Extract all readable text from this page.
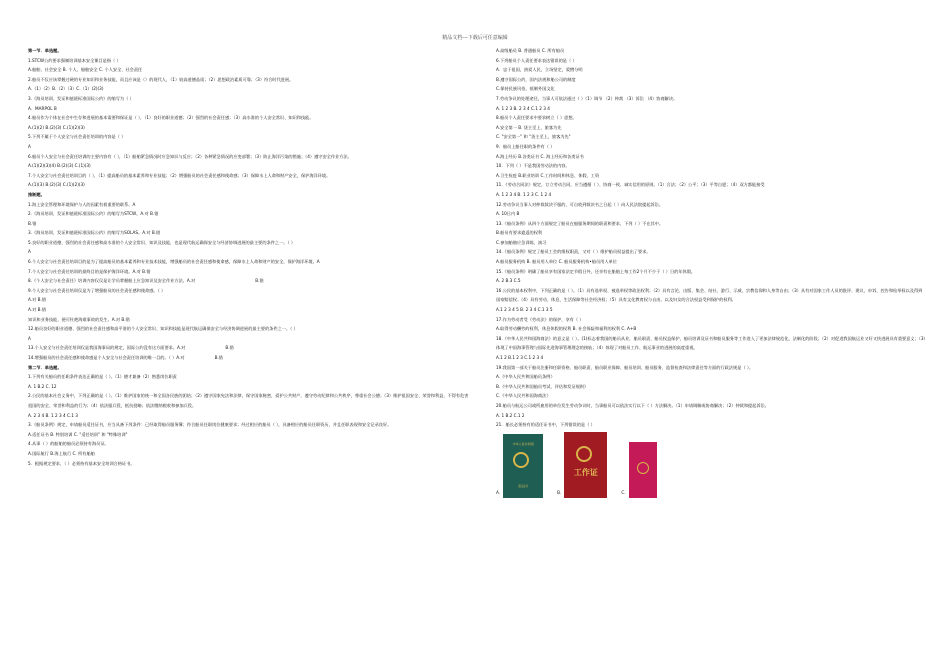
精品文档---下载后可任意编辑
第一节．单选题。
1.STCW公约要求强制培训基本安全课目是指（ ）
A.船舶、社会安全 B. 个人、船舶安全 C. 个人安全、社会责任
2.船员不仅应该掌握过硬的专业知识和业务技能，而且应该是（）的现代人，（1）较高道德品质；（2）思想政治素质可靠；（3）符合时代进展。
A.（1）（2）B.（2）（3）C.（1）(2)(3)
3.《海员培训、发证和值班标准国际公约》的缩写为（ ）
A．MARPOL B
4.船员作为个体在社会中生存和进展的基本需要和保证是（ ），（1）良好的职业道德；（2）强烈的社会责任感；（3）高水准的个人安全常识、知识和技能。
A.(1)(2) B.(2)(3) C.(1)(2)(3)
5.下列不属于个人安全与社会责任培训的内容是（ ）
A
6.船员个人安全与社会责任培训的主要内容有（ ），（1）船舶紧急情况时应急知识与反应；（2）各种紧急情况的应变部署；（3）防止海洋污染的措施；（4）遵守安全作业方法。
A.(1)(2)(3)(4) B.(2)(3) C.(1)(3)
7.个人安全与社会责任培训目的（ ），（1）提高船员的基本素养和专业技能；（2）增强船员的社会责任感和使命感；（3）保障水上人命和财产安全，保护海洋环境。
A.(1)(3) B.(2)(3) C.(1)(2)(3)
推断题。
1.海上安全管理和环境保护与人的因素有着重要的联系。A
2.《海员培训、发证和值班标准国际公约》的缩写为STCW。A.对 B.错
B.错
3.《海员培训、发证和值班标准国际公约》的缩写为SOLAS。A.对 B.错
5.良好的职业道德、强烈的社会责任感和高水准的个人安全常识、知识及技能，也是现代航运确保安全与经济协调进展的最主要的条件之一。（ ）
A
6.个人安全与社会责任培训目的是为了提高船员的基本素养和专业技术技能，增强船员的社会责任感和使命感，保障水上人命和财产的安全，保护海洋环境。A
7.个人安全与社会责任培训的最终目的是保护海洋环境。A.对 B.错
8.《个人安全与社会责任》培训内容仅仅是让学员掌握船上应急知识及安全作业方法。A.对	B.错
9.个人安全与社会责任培训仅是为了增强船员的社会责任感和使命感。（ ）
A.对 B.错
A.对 B.错
知识和业务技能，便可杜绝海难事故的发生。A.对 B.错
12.船员良好的职业道德、强烈的社会责任感和高平准的个人安全常识、知识和技能是现代航运确保安全与经济协调进展的最主要的条件之一。（ ）
A
13.个人安全与社会责任培训仅是我国海事局的规定，国际公约没有这方面要求。A.对	B.错
14.增强船员的社会责任感和使命感是个人安全与社会责任培训的唯一目的。（ ）A.对	B.错
第二节．单选题。
1.下列有关船员的任职条件表达正确的是（ ）。（1）德才兼备（2）熟悉岗位职责
A. 1 B.2 C. 12
2.公民的基本社会义务中，下列正确的是（ ）。（1）维护国家的统一和全国各民族的团结；（2）遵守国家宪法和法律，保守国家秘密，爱护公共财产，遵守劳动纪律和公共秩序，尊重社会公德；（3）维护祖国安全、荣誉和利益，不得有危害祖国的安全、荣誉和利益的行为；（4）依法服兵役，抵抗侵略；依法缴纳税收和参加兵役。
A. 2 3 4 B. 1 2 3 4 C.1 3
3.《船员条例》规定，申请船员适任证书，应当具备下列条件：已经取得船员服务簿；符合船员任职岗位健康要求；经过相应的船员（ ），具备相应的船员任职资历，并且任职表现和安全记录良好。
A.适任证书 B. 特别培训 C. "适任培训" 和 "特殊培训"
4.从事（ ）的船舶的船员必须持有海员证。
A.国际航行 B.海上航行 C. 所有船舶
5．根据规定要求，（ ）必须持有基本安全培训合格证书。
A.高级船员 B. 普通船员 C. 所有船员
6.下列船员个人责任要求表达错误的是（ ）
A．忠于祖国，热爱人民，立场坚定，爱憎分明
B.遵守国际公约，国内法规和船公司的制度
C.保持民族风俗，抵制外国文化
7.劳动争议的处理途径，当事人可依法通过（ ）（1）调节 （2）仲裁 （3）诉讼 （4）协商解决。
A. 1 2 3 B. 2 3 4 C.1 2 3 4
8.船员个人责任要求中要求树立（ ）思想。
A.安全第一 B. 货主至上，旅客为先
C. "安全第一" 和 "货主至上，旅客为先"
9．船员上船任职的条件有（ ）
A.海上经历 B.各类证书 C. 海上经历和各类证书
10．下列（ ）不是我国劳动法的内容。
A.卫生检疫 B.职业培训 C.工作时间和休息、休假、工资
11．《劳动合同法》规定，订立劳动合同，应当遵循（ ）、协商一致、诚实信用的原则。（1）合法；（2）公平；（3）平等自愿；（4）双方都能接受
A. 1 2 3 4 B. 1 2 3 C. 1 2 4
12.劳动争议当事人对仲裁裁决不服的，可自收到裁决书之日起（ ）向人民法院提起诉讼。
A. 10日内 B
13.《船员条例》从四个方面规定了船员在船服务期间的职责和要求，下列（ ）不在其中。
B.船员有要求遣返的权利
C.参加船舶应急训练、演习
14.《船员条例》规定了船员工会的维权职责，又对（ ）维护船员权益提出了要求。
A.船员服务机构 B. 船员用人单位 C. 船员服务机构•船员用人单位
15.《船员条例》明确了船员享有国家法定节假日外，还享有在船舶上每工作2个月不少于（ ）日的年休假。
A. 2 B.3 C.5
16.公民的基本权利中，下列正确的是（ ）。（1）具有选举权、被选举权等政治权利；（2）具有言论、出版、集会、结社、游行、示威、宗教信仰和人身等自由；（3）具有对国家工作人员的批评、建议、申诉、控告和检举权以及得到国家赔偿权；（4）具有劳动、休息、生活保障等社会经济权；（5）具有文化教育权与自由。以及妇女的合法权益受到保护的权利。
A.1 2 3 4 5 B. 2 3 4 C.1 3 5
17.作为劳动者受《劳动法》的保护，享有（ ）
A.取得劳动酬劳的权利，休息休假的权利 B. 社会保险和福利的权利 C. A+B
18.《中华人民共和国海商法》的意义是（ ）。(1)标志着我国的船员从业，船员职责、船员权益保护，船员培训及证书和船员服务等工作进入了更加法律规范化，法制化的阶段；（2）对促进我国航运业又好又快进展具有重要意义；（3）体现了中国海事管理与国际先进海事管理理念的接轨；（4）体现了对船员工作、航运事业的进展的高度重视。
A.1 2 B.1 2 3 C.1 2 3 4
19.我国第一部关于船员注册和任职资格、船员职责、船员职业保障、船员培训、船员服务、监督检查和法律责任等方面的行政法规是（ ）。
A.《中华人民共和国船员条例》
B.《中华人民共和国船员考试、评估和发证规则》
C.《中华人民共和国海商法》
20.船员与航运公司或所雇用的单位发生劳动争议时，当事船员可以依法实行以下（ ）方法解决。（1）申请调解或协商解决；（2）仲裁和提起诉讼。
A. 1 B.2 C.1 2
21．船长必须持有的适任证书中，下列错误的是（ ）
A.
中华人民共和国
适任证书
B.
工作证
C.
